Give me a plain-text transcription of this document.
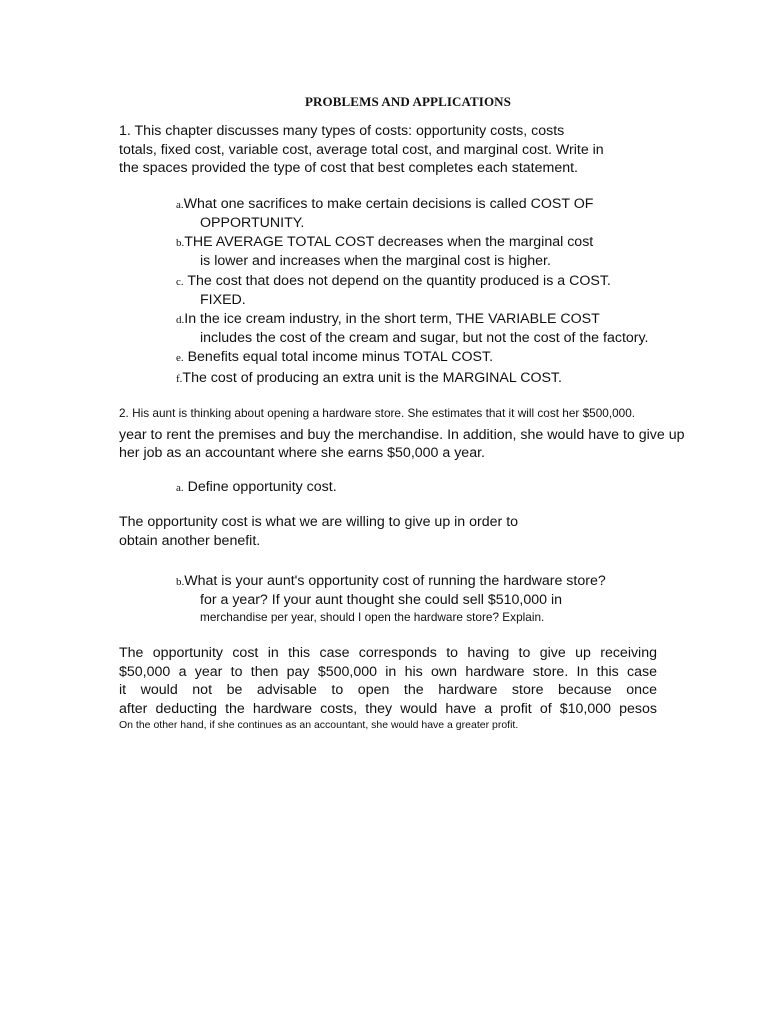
PROBLEMS AND APPLICATIONS
1. This chapter discusses many types of costs: opportunity costs, costs
totals, fixed cost, variable cost, average total cost, and marginal cost. Write in
the spaces provided the type of cost that best completes each statement.
a.What one sacrifices to make certain decisions is called COST OF
OPPORTUNITY.
b.THE AVERAGE TOTAL COST decreases when the marginal cost
is lower and increases when the marginal cost is higher.
c. The cost that does not depend on the quantity produced is a COST.
FIXED.
d.In the ice cream industry, in the short term, THE VARIABLE COST
includes the cost of the cream and sugar, but not the cost of the factory.
e. Benefits equal total income minus TOTAL COST.
f.The cost of producing an extra unit is the MARGINAL COST.
2. His aunt is thinking about opening a hardware store. She estimates that it will cost her $500,000.
year to rent the premises and buy the merchandise. In addition, she would have to give up
her job as an accountant where she earns $50,000 a year.
a. Define opportunity cost.
The opportunity cost is what we are willing to give up in order to
obtain another benefit.
b.What is your aunt's opportunity cost of running the hardware store?
for a year? If your aunt thought she could sell $510,000 in
merchandise per year, should I open the hardware store? Explain.
The opportunity cost in this case corresponds to having to give up receiving
$50,000 a year to then pay $500,000 in his own hardware store. In this case
it would not be advisable to open the hardware store because once
after deducting the hardware costs, they would have a profit of $10,000 pesos
On the other hand, if she continues as an accountant, she would have a greater profit.
